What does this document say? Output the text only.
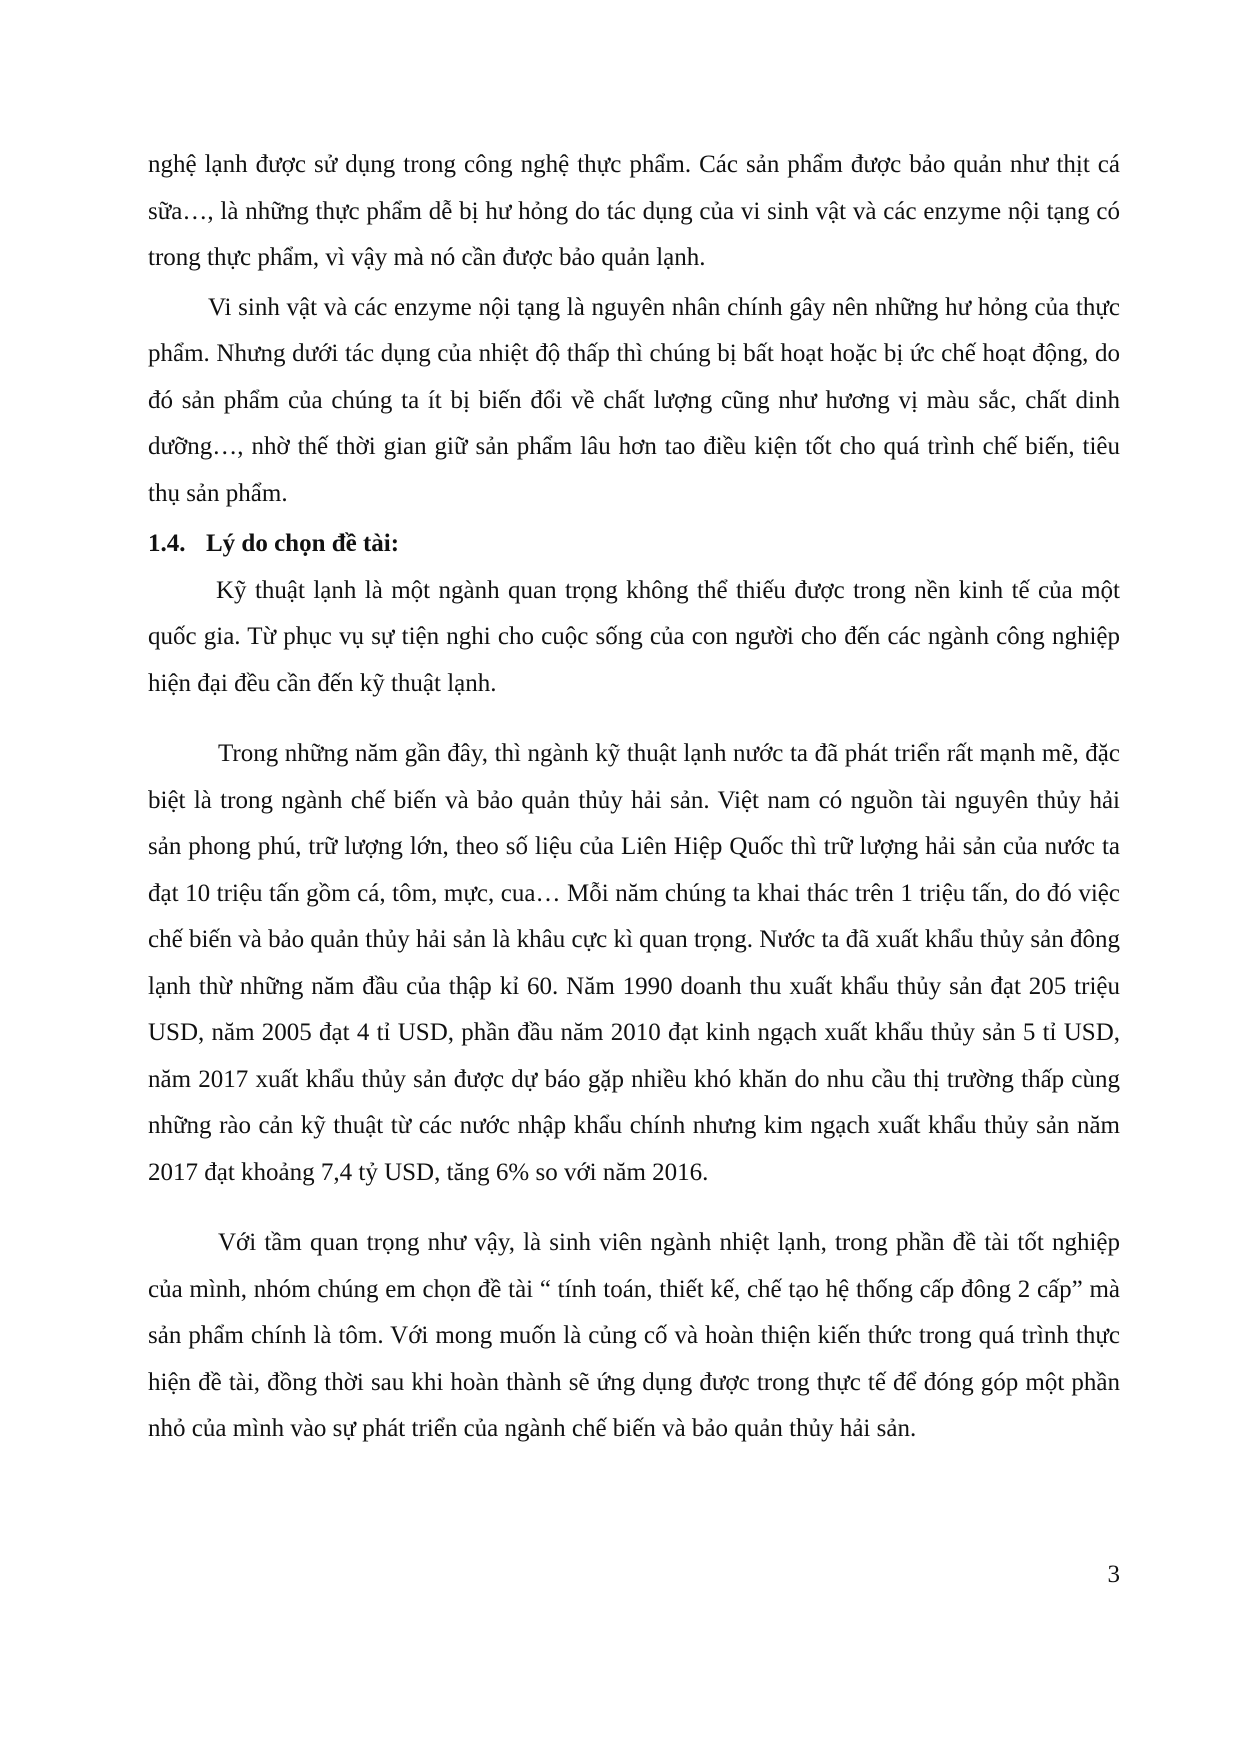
nghệ lạnh được sử dụng trong công nghệ thực phẩm. Các sản phẩm được bảo quản như thịt cá sữa…, là những thực phẩm dễ bị hư hỏng do tác dụng của vi sinh vật và các enzyme nội tạng có trong thực phẩm, vì vậy mà nó cần được bảo quản lạnh.

Vi sinh vật và các enzyme nội tạng là nguyên nhân chính gây nên những hư hỏng của thực phẩm. Nhưng dưới tác dụng của nhiệt độ thấp thì chúng bị bất hoạt hoặc bị ức chế hoạt động, do đó sản phẩm của chúng ta ít bị biến đổi về chất lượng cũng như hương vị màu sắc, chất dinh dưỡng…, nhờ thế thời gian giữ sản phẩm lâu hơn tao điều kiện tốt cho quá trình chế biến, tiêu thụ sản phẩm.

1.4. Lý do chọn đề tài:

Kỹ thuật lạnh là một ngành quan trọng không thể thiếu được trong nền kinh tế của một quốc gia. Từ phục vụ sự tiện nghi cho cuộc sống của con người cho đến các ngành công nghiệp hiện đại đều cần đến kỹ thuật lạnh.

Trong những năm gần đây, thì ngành kỹ thuật lạnh nước ta đã phát triển rất mạnh mẽ, đặc biệt là trong ngành chế biến và bảo quản thủy hải sản. Việt nam có nguồn tài nguyên thủy hải sản phong phú, trữ lượng lớn, theo số liệu của Liên Hiệp Quốc thì trữ lượng hải sản của nước ta đạt 10 triệu tấn gồm cá, tôm, mực, cua… Mỗi năm chúng ta khai thác trên 1 triệu tấn, do đó việc chế biến và bảo quản thủy hải sản là khâu cực kì quan trọng. Nước ta đã xuất khẩu thủy sản đông lạnh thừ những năm đầu của thập kỉ 60. Năm 1990 doanh thu xuất khẩu thủy sản đạt 205 triệu USD, năm 2005 đạt 4 tỉ USD, phần đầu năm 2010 đạt kinh ngạch xuất khẩu thủy sản 5 tỉ USD, năm 2017 xuất khẩu thủy sản được dự báo gặp nhiều khó khăn do nhu cầu thị trường thấp cùng những rào cản kỹ thuật từ các nước nhập khẩu chính nhưng kim ngạch xuất khẩu thủy sản năm 2017 đạt khoảng 7,4 tỷ USD, tăng 6% so với năm 2016.

Với tầm quan trọng như vậy, là sinh viên ngành nhiệt lạnh, trong phần đề tài tốt nghiệp của mình, nhóm chúng em chọn đề tài “ tính toán, thiết kế, chế tạo hệ thống cấp đông 2 cấp” mà sản phẩm chính là tôm. Với mong muốn là củng cố và hoàn thiện kiến thức trong quá trình thực hiện đề tài, đồng thời sau khi hoàn thành sẽ ứng dụng được trong thực tế để đóng góp một phần nhỏ của mình vào sự phát triển của ngành chế biến và bảo quản thủy hải sản.

3
